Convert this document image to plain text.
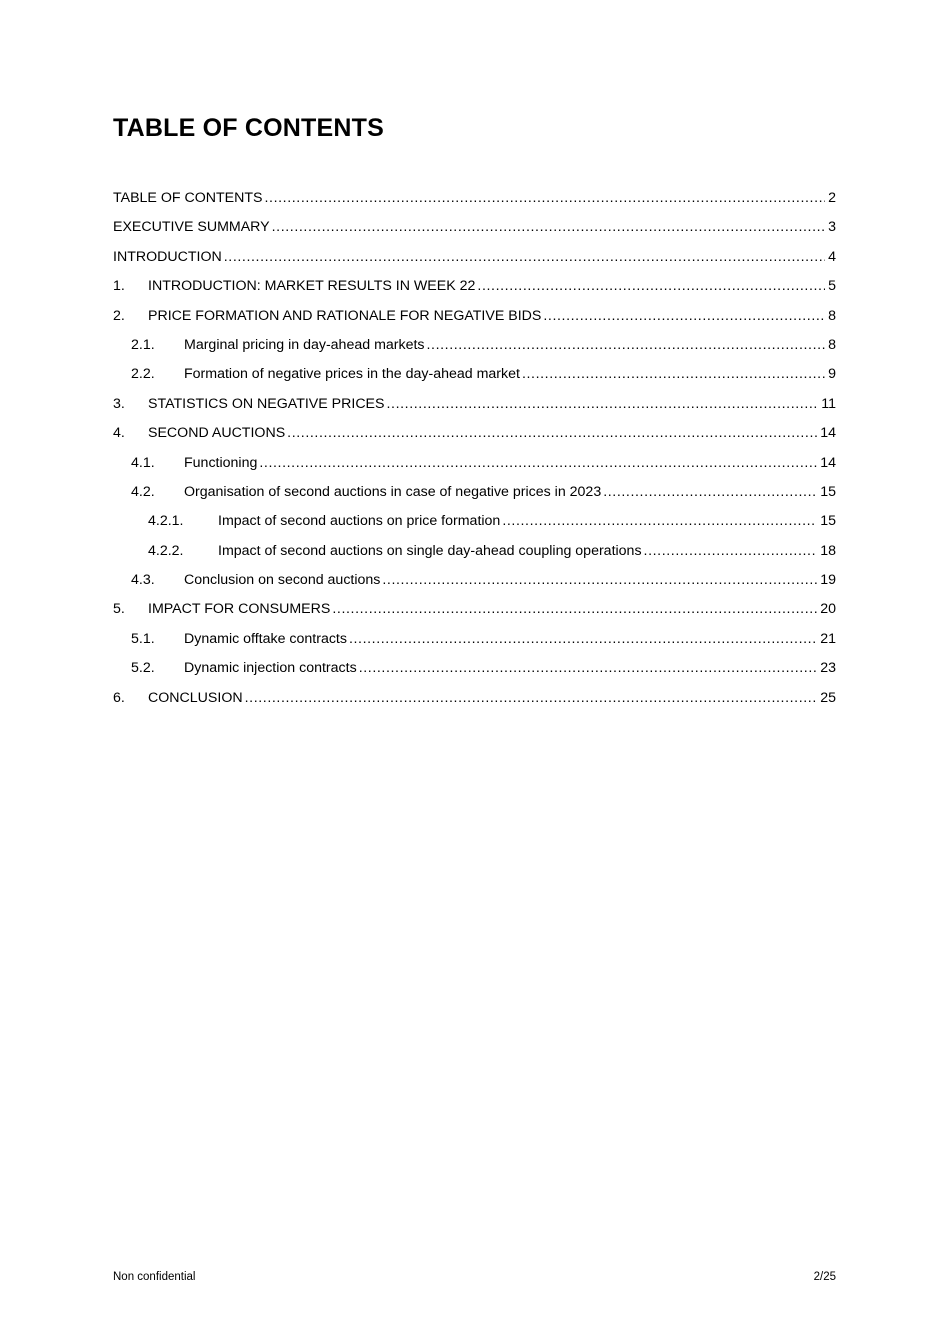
TABLE OF CONTENTS
TABLE OF CONTENTS .....	2
EXECUTIVE SUMMARY .....	3
INTRODUCTION .....	4
1.	INTRODUCTION: MARKET RESULTS IN WEEK 22 .....	5
2.	PRICE FORMATION AND RATIONALE FOR NEGATIVE BIDS .....	8
2.1.	Marginal pricing in day-ahead markets .....	8
2.2.	Formation of negative prices in the day-ahead market .....	9
3.	STATISTICS ON NEGATIVE PRICES .....	11
4.	SECOND AUCTIONS .....	14
4.1.	Functioning .....	14
4.2.	Organisation of second auctions in case of negative prices in 2023 .....	15
4.2.1.	Impact of second auctions on price formation .....	15
4.2.2.	Impact of second auctions on single day-ahead coupling operations .....	18
4.3.	Conclusion on second auctions .....	19
5.	IMPACT FOR CONSUMERS .....	20
5.1.	Dynamic offtake contracts .....	21
5.2.	Dynamic injection contracts .....	23
6.	CONCLUSION .....	25
Non confidential	2/25
